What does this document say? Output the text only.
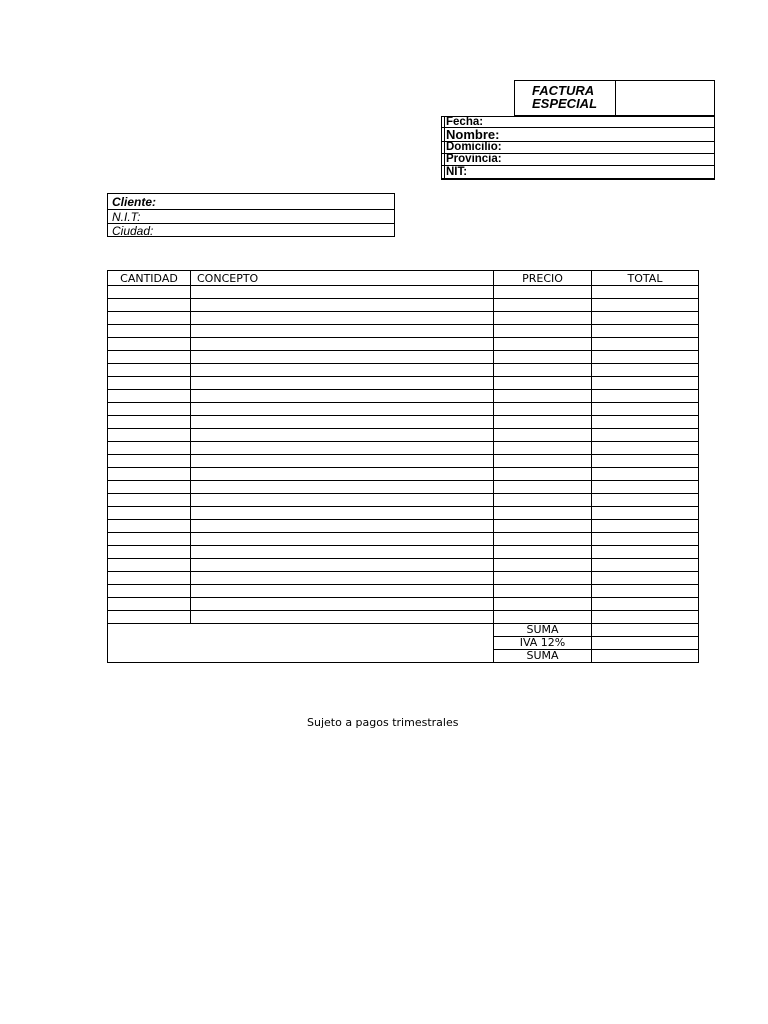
FACTURA
ESPECIAL
Fecha:
Nombre:
Domicilio:
Provincia:
NIT:
Cliente:
N.I.T:
Ciudad:
CANTIDAD	CONCEPTO	PRECIO	TOTAL

		SUMA	
		IVA 12%	
		SUMA	
Sujeto a pagos trimestrales
